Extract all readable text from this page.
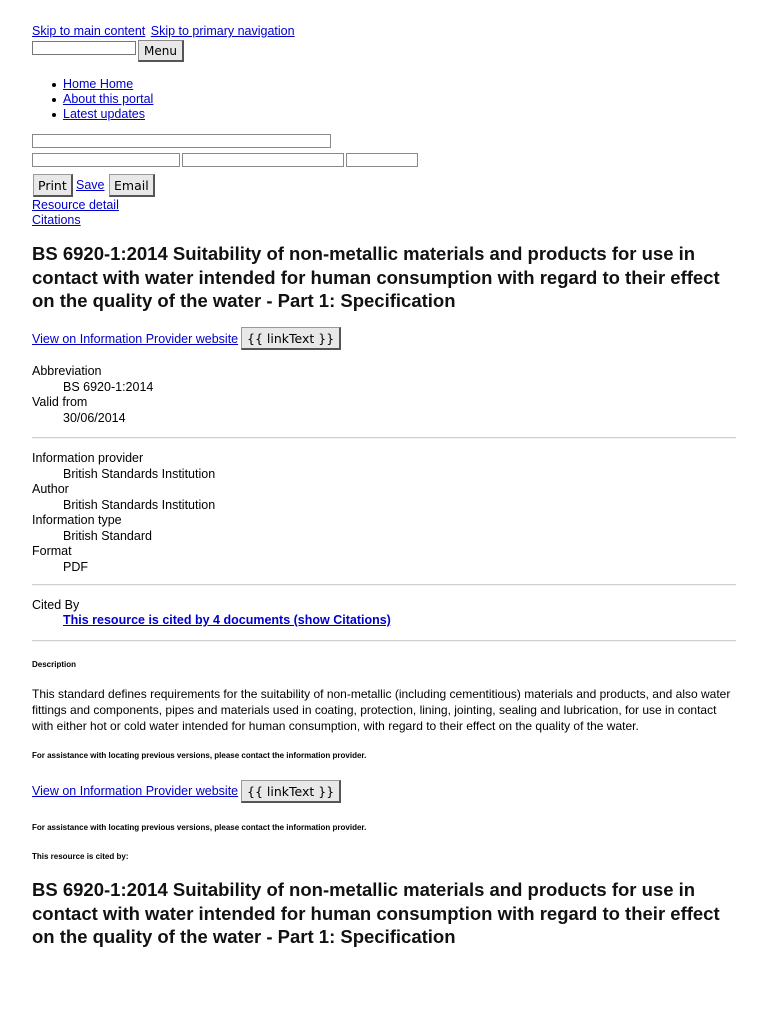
Skip to main content Skip to primary navigation
Menu
Home Home
About this portal
Latest updates
Print Save Email
Resource detail
Citations
BS 6920-1:2014 Suitability of non-metallic materials and products for use in contact with water intended for human consumption with regard to their effect on the quality of the water - Part 1: Specification
View on Information Provider website {{ linkText }}
Abbreviation
BS 6920-1:2014
Valid from
30/06/2014
Information provider
British Standards Institution
Author
British Standards Institution
Information type
British Standard
Format
PDF
Cited By
This resource is cited by 4 documents (show Citations)
Description
This standard defines requirements for the suitability of non-metallic (including cementitious) materials and products, and also water fittings and components, pipes and materials used in coating, protection, lining, jointing, sealing and lubrication, for use in contact with either hot or cold water intended for human consumption, with regard to their effect on the quality of the water.
For assistance with locating previous versions, please contact the information provider.
View on Information Provider website {{ linkText }}
For assistance with locating previous versions, please contact the information provider.
This resource is cited by:
BS 6920-1:2014 Suitability of non-metallic materials and products for use in contact with water intended for human consumption with regard to their effect on the quality of the water - Part 1: Specification
